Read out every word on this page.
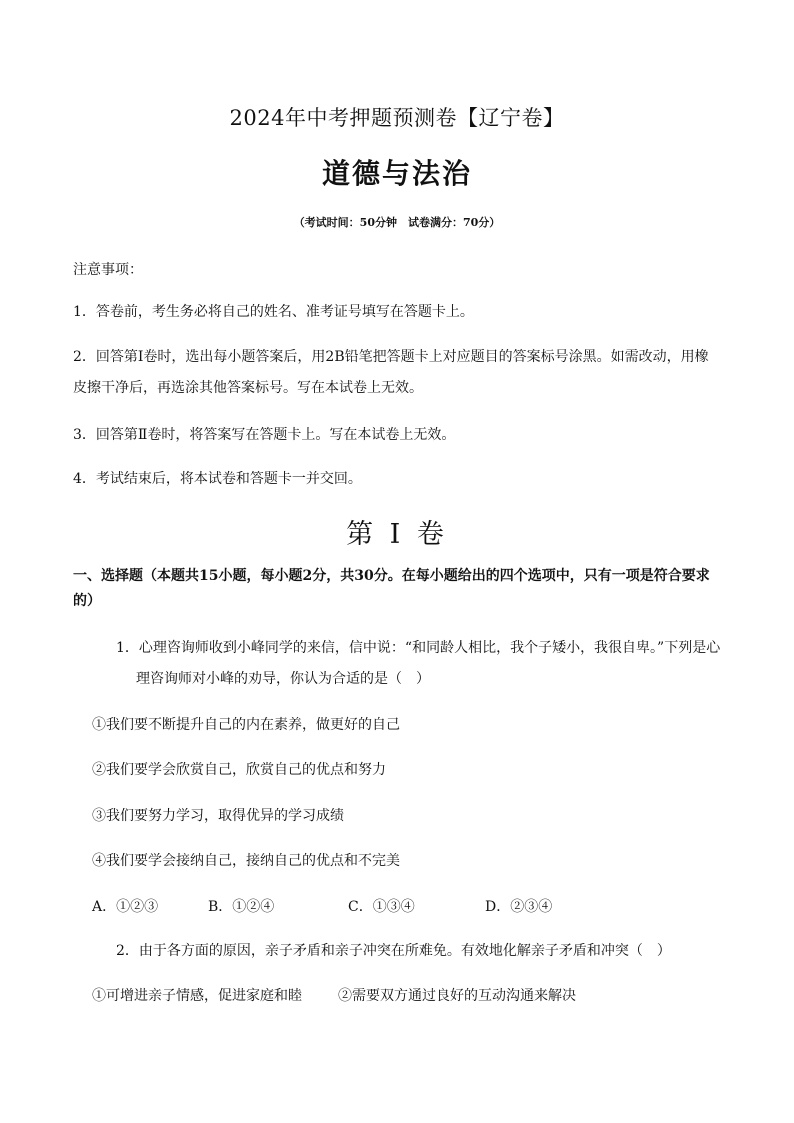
2024年中考押题预测卷【辽宁卷】
道德与法治
（考试时间：50分钟　试卷满分：70分）
注意事项：
1．答卷前，考生务必将自己的姓名、准考证号填写在答题卡上。
2．回答第Ⅰ卷时，选出每小题答案后，用2B铅笔把答题卡上对应题目的答案标号涂黑。如需改动，用橡
皮擦干净后，再选涂其他答案标号。写在本试卷上无效。
3．回答第Ⅱ卷时，将答案写在答题卡上。写在本试卷上无效。
4．考试结束后，将本试卷和答题卡一并交回。
第 I 卷
一、选择题（本题共15小题，每小题2分，共30分。在每小题给出的四个选项中，只有一项是符合要求
的）
1．心理咨询师收到小峰同学的来信，信中说：“和同龄人相比，我个子矮小，我很自卑。”下列是心
理咨询师对小峰的劝导，你认为合适的是（　）
①我们要不断提升自己的内在素养，做更好的自己
②我们要学会欣赏自己，欣赏自己的优点和努力
③我们要努力学习，取得优异的学习成绩
④我们要学会接纳自己，接纳自己的优点和不完美
A．①②③	B．①②④	C．①③④	D．②③④
2．由于各方面的原因，亲子矛盾和亲子冲突在所难免。有效地化解亲子矛盾和冲突（　）
①可增进亲子情感，促进家庭和睦	②需要双方通过良好的互动沟通来解决
